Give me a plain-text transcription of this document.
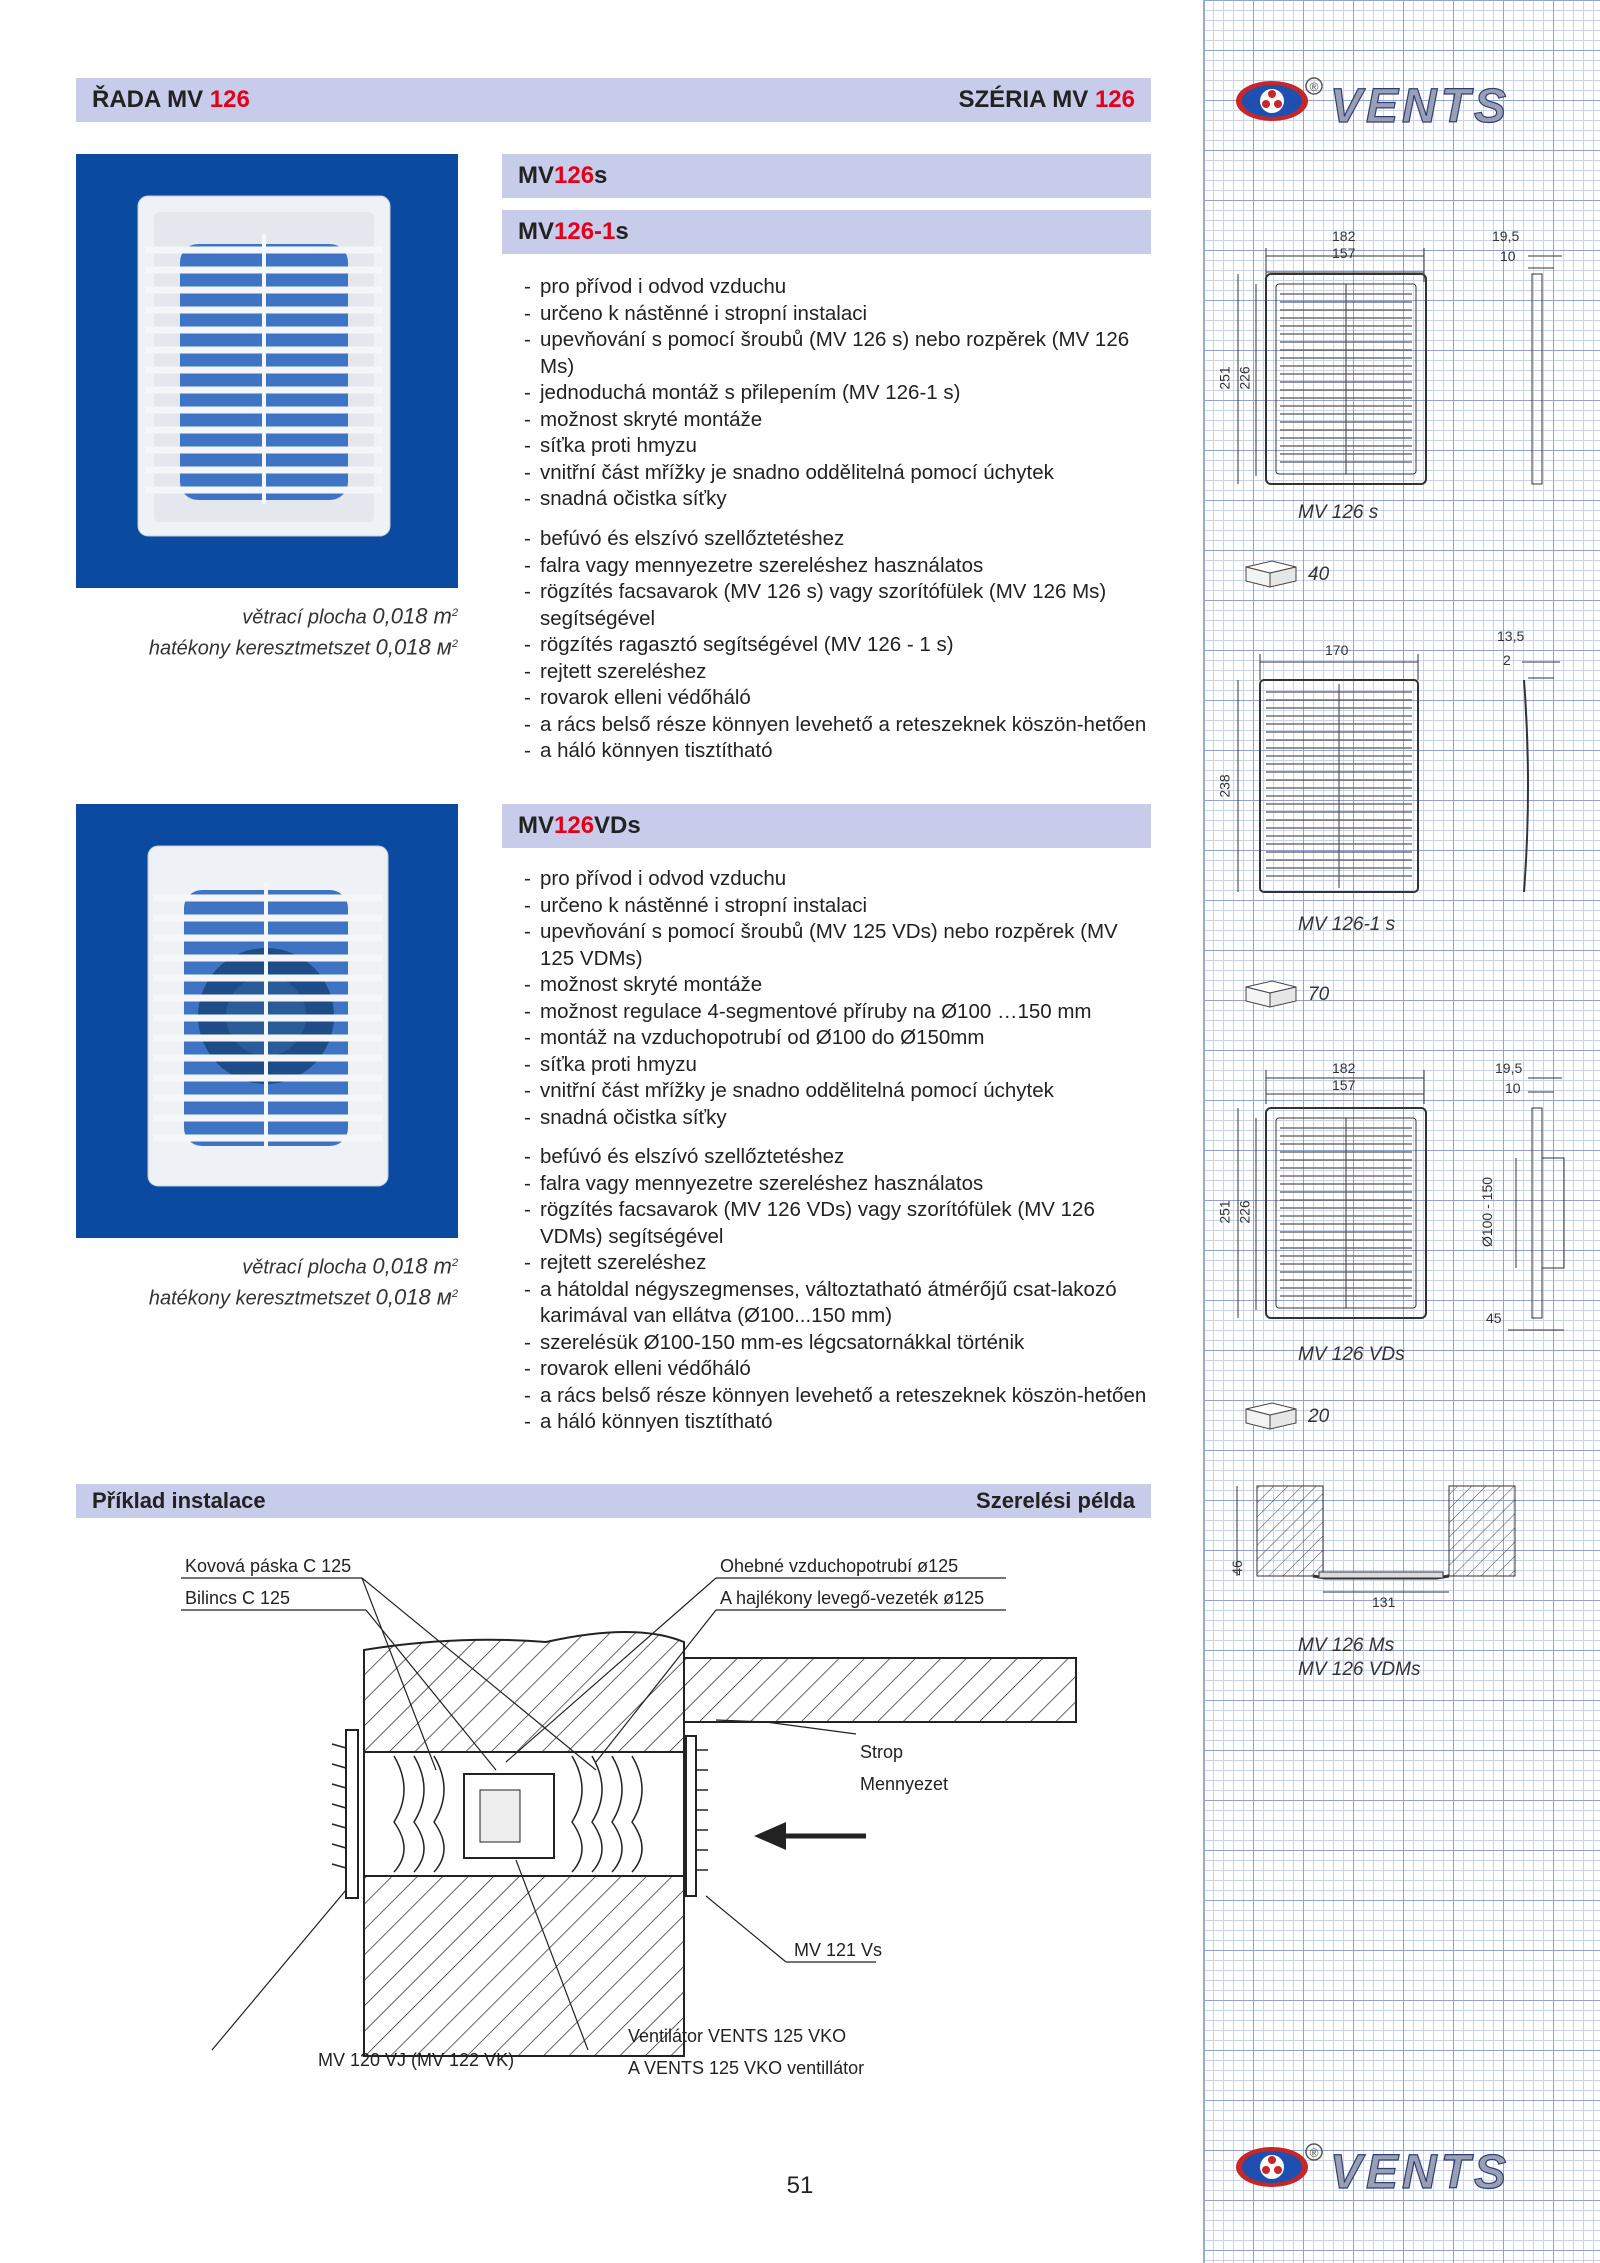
ŘADA MV 126	SZÉRIA MV 126	® VENTS
větrací plocha 0,018 $m^2$
hatékony keresztmetszet 0,018 $м^2$
MV 126 s
MV 126-1 s
- pro přívod i odvod vzduchu
- určeno k nástěnné i stropní instalaci
- upevňování s pomocí šroubů (MV 126 s) nebo rozpěrek (MV 126 Ms)
- jednoduchá montáž s přilepením (MV 126-1 s)
- možnost skryté montáže
- síťka proti hmyzu
- vnitřní část mřížky je snadno oddělitelná pomocí úchytek
- snadná očistka síťky
- befúvó és elszívó szellőztetéshez
- falra vagy mennyezetre szereléshez használatos
- rögzítés facsavarok (MV 126 s) vagy szorítófülek (MV 126 Ms) segítségével
- rögzítés ragasztó segítségével (MV 126 - 1 s)
- rejtett szereléshez
- rovarok elleni védőháló
- a rács belső része könnyen levehető a reteszeknek köszön-hetően
- a háló könnyen tisztítható
větrací plocha 0,018 $m^2$
hatékony keresztmetszet 0,018 $м^2$
MV 126 VDs
- pro přívod i odvod vzduchu
- určeno k nástěnné i stropní instalaci
- upevňování s pomocí šroubů (MV 125 VDs) nebo rozpěrek (MV 125 VDMs)
- možnost skryté montáže
- možnost regulace 4-segmentové příruby na Ø100 …150 mm
- montáž na vzduchopotrubí od Ø100 do Ø150mm
- síťka proti hmyzu
- vnitřní část mřížky je snadno oddělitelná pomocí úchytek
- snadná očistka síťky
- befúvó és elszívó szellőztetéshez
- falra vagy mennyezetre szereléshez használatos
- rögzítés facsavarok (MV 126 VDs) vagy szorítófülek (MV 126 VDMs) segítségével
- rejtett szereléshez
- a hátoldal négyszegmenses, változtatható átmérőjű csat-lakozó karimával van ellátva (Ø100...150 mm)
- szerelésük Ø100-150 mm-es légcsatornákkal történik
- rovarok elleni védőháló
- a rács belső része könnyen levehető a reteszeknek köszön-hetően
- a háló könnyen tisztítható
182
157
251 226
19,5
10
MV 126 s
40
170
238
13,5
2
MV 126-1 s
70
182
157
251 226
19,5
10
Ø100 - 150
45
MV 126 VDs
20
46
131
MV 126 Ms
MV 126 VDMs
Příklad instalace	Szerelési példa
Kovová páska C 125
Bilincs C 125
Ohebné vzduchopotrubí ø125
A hajlékony levegő-vezeték ø125
Strop
Mennyezet
MV 121 Vs
Ventilátor VENTS 125 VKO
A VENTS 125 VKO ventillátor
MV 120 VJ (MV 122 VK)
51
® VENTS
